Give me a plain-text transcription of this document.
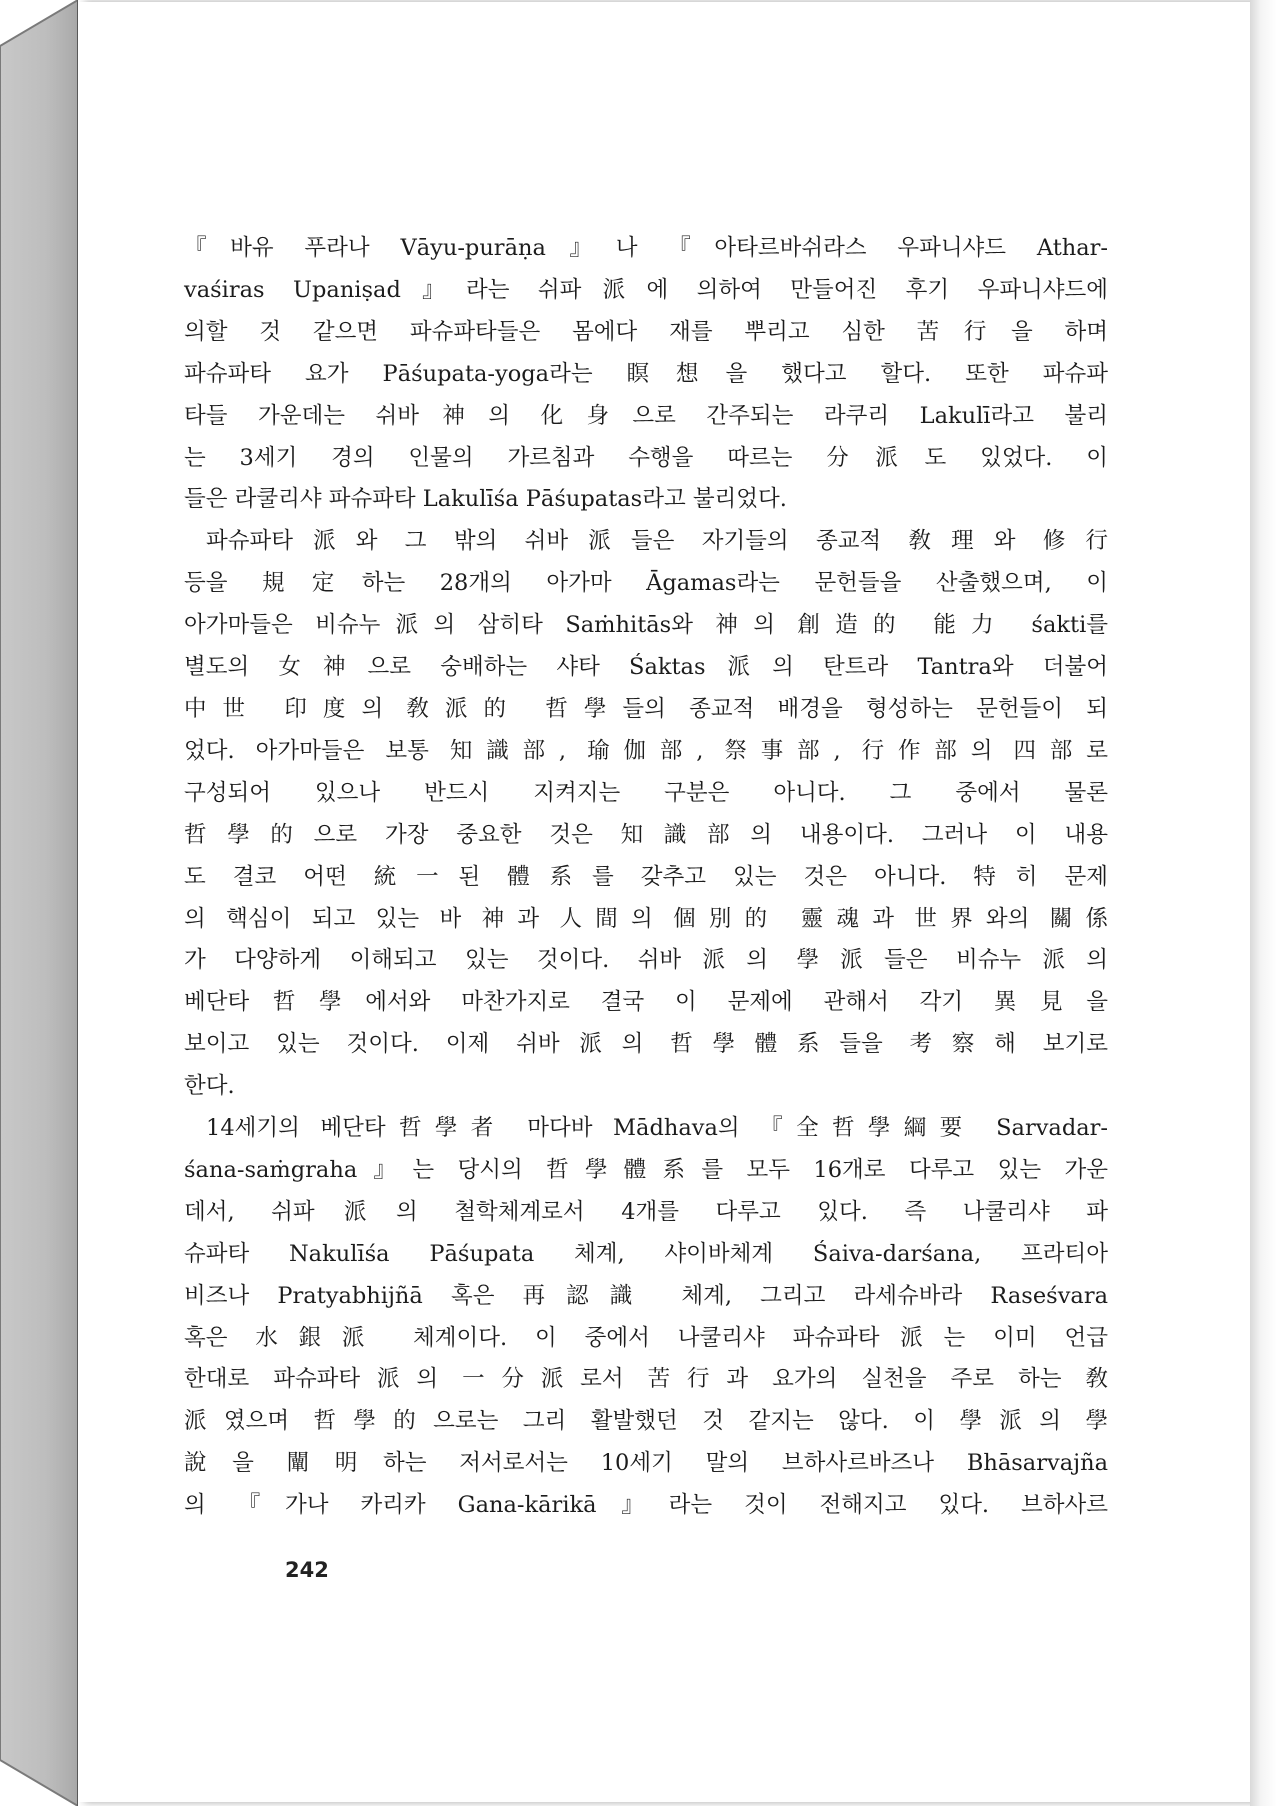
『바유 푸라나 Vāyu-purāṇa』나 『아타르바쉬라스 우파니샤드 Athar-
vaśiras Upaniṣad』라는 쉬파派에 의하여 만들어진 후기 우파니샤드에
의할 것 같으면 파슈파타들은 몸에다 재를 뿌리고 심한 苦行을 하며
파슈파타 요가 Pāśupata-yoga라는 瞑想을 했다고 할다. 또한 파슈파
타들 가운데는 쉬바神의 化身으로 간주되는 라쿠리 Lakulī라고 불리
는 3세기 경의 인물의 가르침과 수행을 따르는 分派도 있었다. 이
들은 라쿨리샤 파슈파타 Lakulīśa Pāśupatas라고 불리었다.

파슈파타派와 그 밖의 쉬바派들은 자기들의 종교적 敎理와 修行
등을 規定하는 28개의 아가마 Āgamas라는 문헌들을 산출했으며, 이
아가마들은 비슈누派의 삼히타 Saṁhitās와 神의 創造的 能力 śakti를
별도의 女神으로 숭배하는 샤타 Śaktas派의 탄트라 Tantra와 더불어
中世 印度의 敎派的 哲學들의 종교적 배경을 형성하는 문헌들이 되
었다. 아가마들은 보통 知識部, 瑜伽部, 祭事部, 行作部의 四部로
구성되어 있으나 반드시 지켜지는 구분은 아니다. 그 중에서 물론
哲學的으로 가장 중요한 것은 知識部의 내용이다. 그러나 이 내용
도 결코 어떤 統一된 體系를 갖추고 있는 것은 아니다. 特히 문제
의 핵심이 되고 있는 바 神과 人間의 個別的 靈魂과 世界와의 關係
가 다양하게 이해되고 있는 것이다. 쉬바派의 學派들은 비슈누派의
베단타哲學에서와 마찬가지로 결국 이 문제에 관해서 각기 異見을
보이고 있는 것이다. 이제 쉬바派의 哲學體系들을 考察해 보기로
한다.

14세기의 베단타哲學者 마다바 Mādhava의 『全哲學綱要 Sarvadar-
śana-saṁgraha』는 당시의 哲學體系를 모두 16개로 다루고 있는 가운
데서, 쉬파派의 철학체계로서 4개를 다루고 있다. 즉 나쿨리샤 파
슈파타 Nakulīśa Pāśupata 체계, 샤이바체계 Śaiva-darśana, 프라티아
비즈나 Pratyabhijñā 혹은 再認識 체계, 그리고 라세슈바라 Raseśvara
혹은 水銀派 체계이다. 이 중에서 나쿨리샤 파슈파타派는 이미 언급
한대로 파슈파타派의 一分派로서 苦行과 요가의 실천을 주로 하는 敎
派였으며 哲學的으로는 그리 활발했던 것 같지는 않다. 이 學派의 學
說을 闡明하는 저서로서는 10세기 말의 브하사르바즈나 Bhāsarvajña
의 『가나 카리카 Gana-kārikā』라는 것이 전해지고 있다. 브하사르

242
